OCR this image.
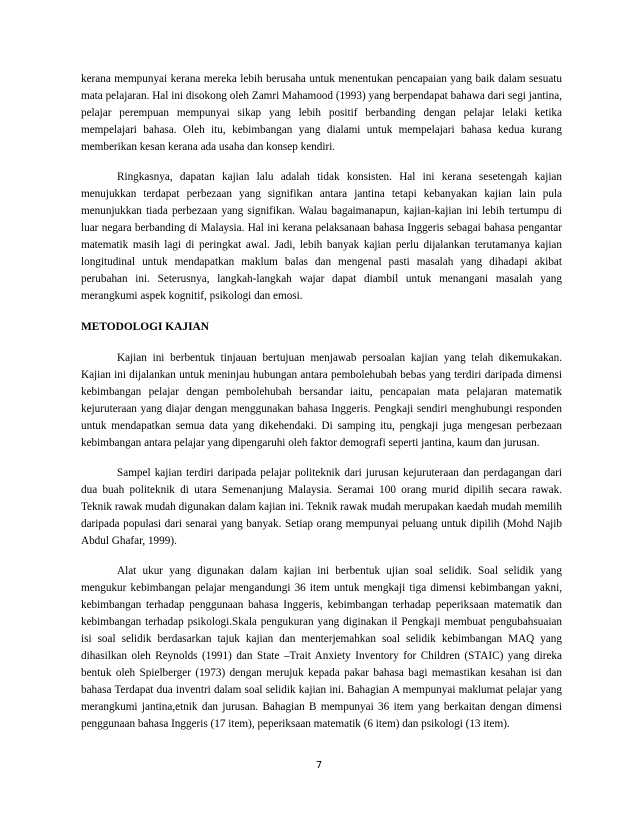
kerana mempunyai kerana mereka lebih berusaha untuk menentukan pencapaian yang baik dalam sesuatu mata pelajaran. Hal ini disokong oleh Zamri Mahamood (1993) yang berpendapat bahawa dari segi jantina, pelajar perempuan mempunyai sikap yang lebih positif berbanding dengan pelajar lelaki ketika mempelajari bahasa. Oleh itu, kebimbangan yang dialami untuk mempelajari bahasa kedua kurang memberikan kesan kerana ada usaha dan konsep kendiri.

Ringkasnya, dapatan kajian lalu adalah tidak konsisten. Hal ini kerana sesetengah kajian menujukkan terdapat perbezaan yang signifikan antara jantina tetapi kebanyakan kajian lain pula menunjukkan tiada perbezaan yang signifikan. Walau bagaimanapun, kajian-kajian ini lebih tertumpu di luar negara berbanding di Malaysia. Hal ini kerana pelaksanaan bahasa Inggeris sebagai bahasa pengantar matematik masih lagi di peringkat awal. Jadi, lebih banyak kajian perlu dijalankan terutamanya kajian longitudinal untuk mendapatkan maklum balas dan mengenal pasti masalah yang dihadapi akibat perubahan ini. Seterusnya, langkah-langkah wajar dapat diambil untuk menangani masalah yang merangkumi aspek kognitif, psikologi dan emosi.

METODOLOGI KAJIAN

Kajian ini berbentuk tinjauan bertujuan menjawab persoalan kajian yang telah dikemukakan. Kajian ini dijalankan untuk meninjau hubungan antara pembolehubah bebas yang terdiri daripada dimensi kebimbangan pelajar dengan pembolehubah bersandar iaitu, pencapaian mata pelajaran matematik kejuruteraan yang diajar dengan menggunakan bahasa Inggeris. Pengkaji sendiri menghubungi responden untuk mendapatkan semua data yang dikehendaki. Di samping itu, pengkaji juga mengesan perbezaan kebimbangan antara pelajar yang dipengaruhi oleh faktor demografi seperti jantina, kaum dan jurusan.

Sampel kajian terdiri daripada pelajar politeknik dari jurusan kejuruteraan dan perdagangan dari dua buah politeknik di utara Semenanjung Malaysia. Seramai 100 orang murid dipilih secara rawak. Teknik rawak mudah digunakan dalam kajian ini. Teknik rawak mudah merupakan kaedah mudah memilih daripada populasi dari senarai yang banyak. Setiap orang mempunyai peluang untuk dipilih (Mohd Najib Abdul Ghafar, 1999).

Alat ukur yang digunakan dalam kajian ini berbentuk ujian soal selidik. Soal selidik yang mengukur kebimbangan pelajar mengandungi 36 item untuk mengkaji tiga dimensi kebimbangan yakni, kebimbangan terhadap penggunaan bahasa Inggeris, kebimbangan terhadap peperiksaan matematik dan kebimbangan terhadap psikologi.Skala pengukuran yang diginakan il Pengkaji membuat pengubahsuaian isi soal selidik berdasarkan tajuk kajian dan menterjemahkan soal selidik kebimbangan MAQ yang dihasilkan oleh Reynolds (1991) dan State –Trait Anxiety Inventory for Children (STAIC) yang direka bentuk oleh Spielberger (1973) dengan merujuk kepada pakar bahasa bagi memastikan kesahan isi dan bahasa Terdapat dua inventri dalam soal selidik kajian ini. Bahagian A mempunyai maklumat pelajar yang merangkumi jantina,etnik dan jurusan. Bahagian B mempunyai 36 item yang berkaitan dengan dimensi penggunaan bahasa Inggeris (17 item), peperiksaan matematik (6 item) dan psikologi (13 item).

7
